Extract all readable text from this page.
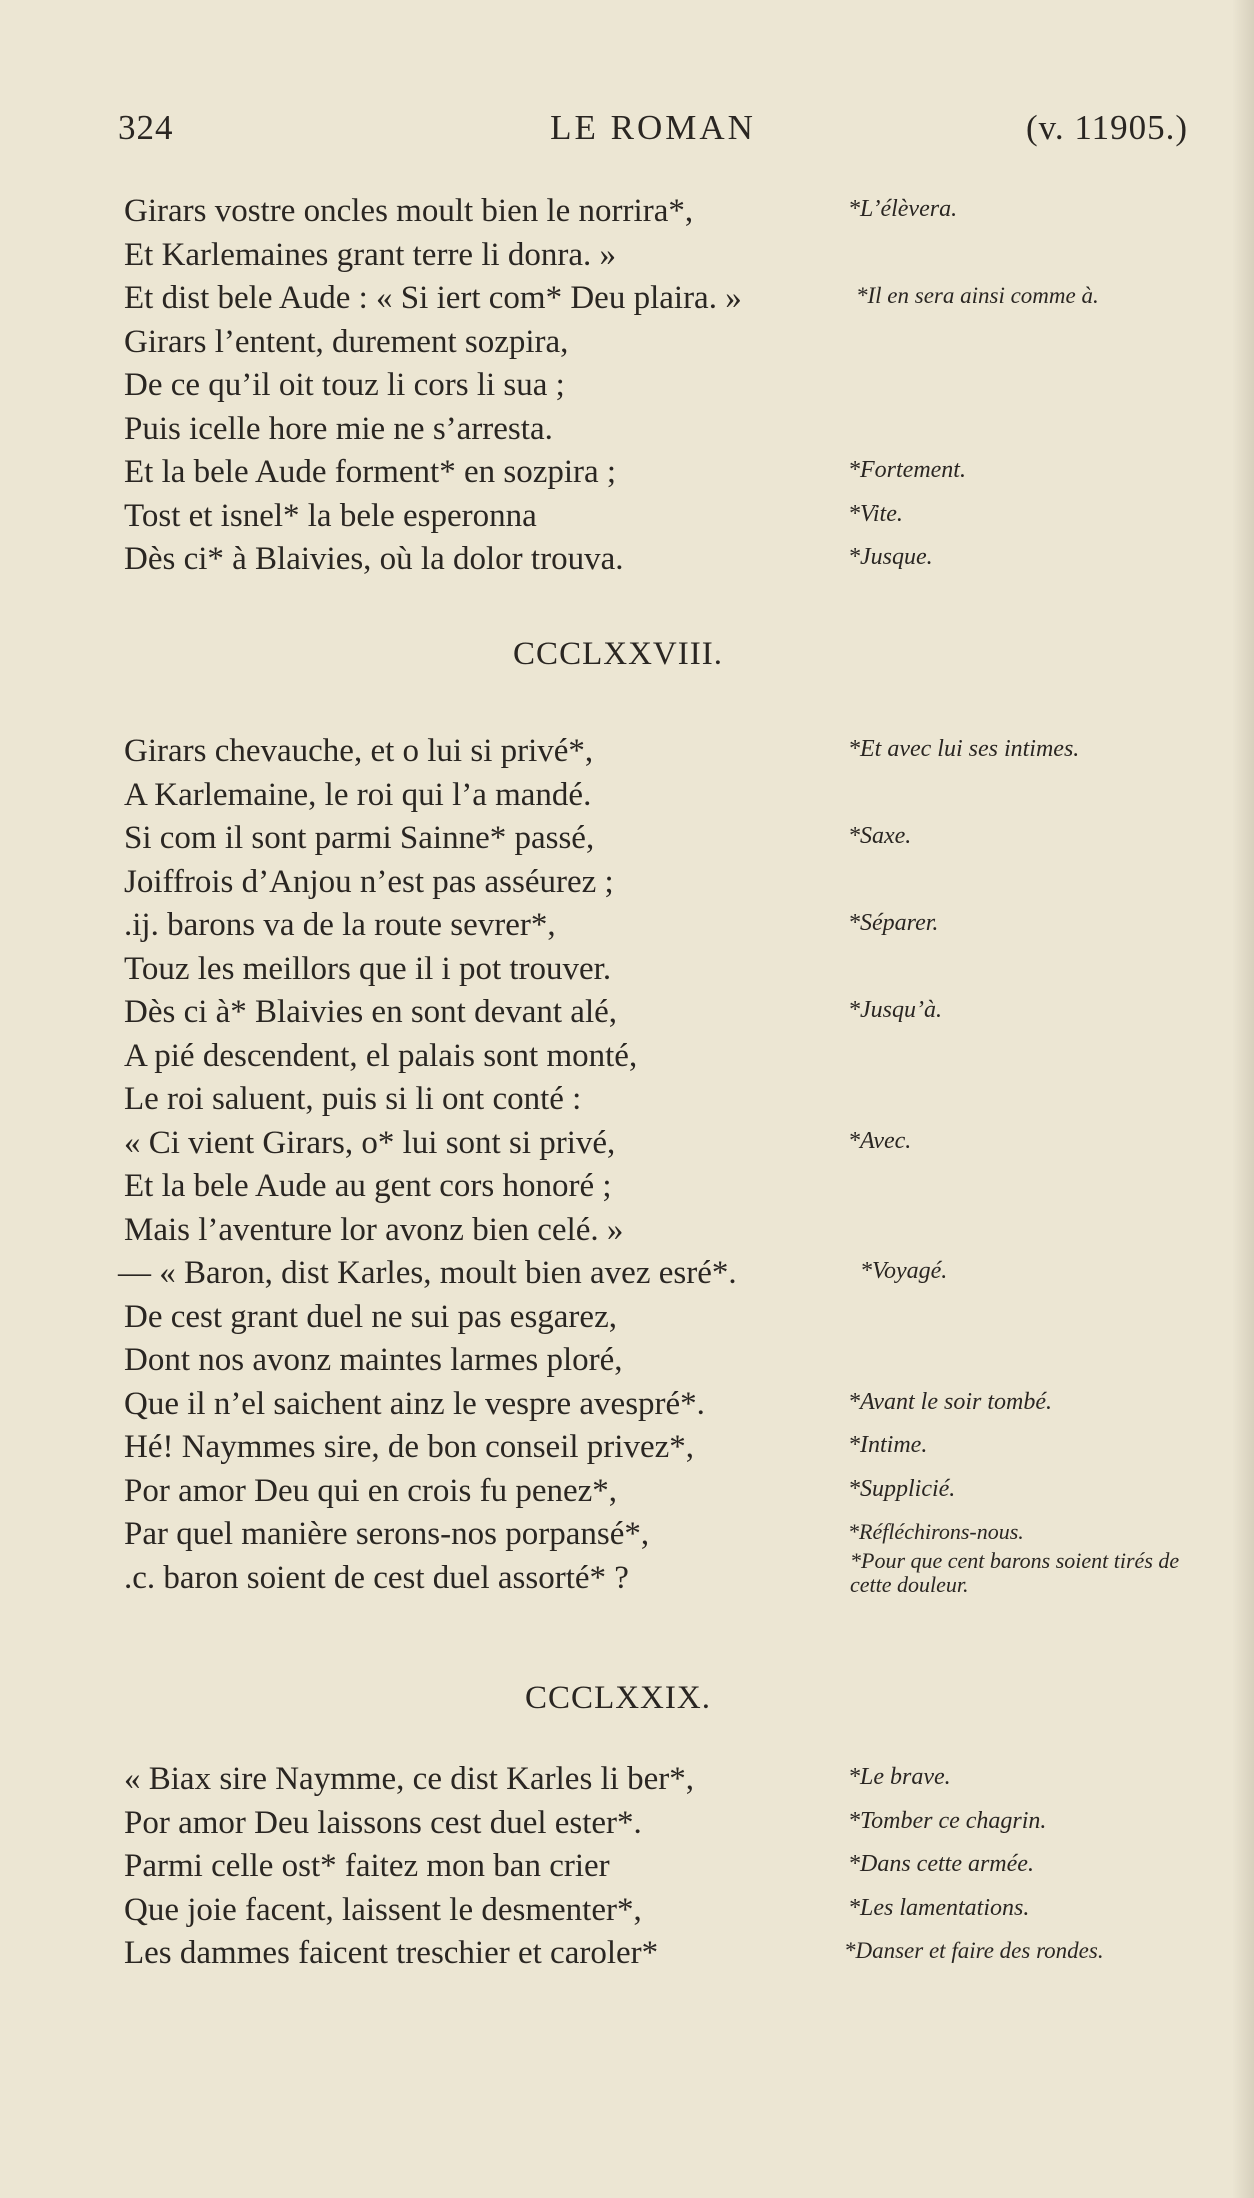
324	LE ROMAN	(v. 11905.)
Girars vostre oncles moult bien le norrira*,	*L’élèvera.
Et Karlemaines grant terre li donra. »
Et dist bele Aude : « Si iert com* Deu plaira. »	*Il en sera ainsi comme à.
Girars l’entent, durement sozpira,
De ce qu’il oit touz li cors li sua ;
Puis icelle hore mie ne s’arresta.
Et la bele Aude forment* en sozpira ;	*Fortement.
Tost et isnel* la bele esperonna	*Vite.
Dès ci* à Blaivies, où la dolor trouva.	*Jusque.
CCCLXXVIII.
Girars chevauche, et o lui si privé*,	*Et avec lui ses intimes.
A Karlemaine, le roi qui l’a mandé.
Si com il sont parmi Sainne* passé,	*Saxe.
Joiffrois d’Anjou n’est pas asséurez ;
.ij. barons va de la route sevrer*,	*Séparer.
Touz les meillors que il i pot trouver.
Dès ci à* Blaivies en sont devant alé,	*Jusqu’à.
A pié descendent, el palais sont monté,
Le roi saluent, puis si li ont conté :
« Ci vient Girars, o* lui sont si privé,	*Avec.
Et la bele Aude au gent cors honoré ;
Mais l’aventure lor avonz bien celé. »
— « Baron, dist Karles, moult bien avez esré*.	*Voyagé.
De cest grant duel ne sui pas esgarez,
Dont nos avonz maintes larmes ploré,
Que il n’el saichent ainz le vespre avespré*.	*Avant le soir tombé.
Hé! Naymmes sire, de bon conseil privez*,	*Intime.
Por amor Deu qui en crois fu penez*,	*Supplicié.
Par quel manière serons-nos porpansé*,	*Réfléchirons-nous.
.c. baron soient de cest duel assorté* ?	*Pour que cent barons soient tirés de cette douleur.
CCCLXXIX.
« Biax sire Naymme, ce dist Karles li ber*,	*Le brave.
Por amor Deu laissons cest duel ester*.	*Tomber ce chagrin.
Parmi celle ost* faitez mon ban crier	*Dans cette armée.
Que joie facent, laissent le desmenter*,	*Les lamentations.
Les dammes faicent treschier et caroler*	*Danser et faire des rondes.
